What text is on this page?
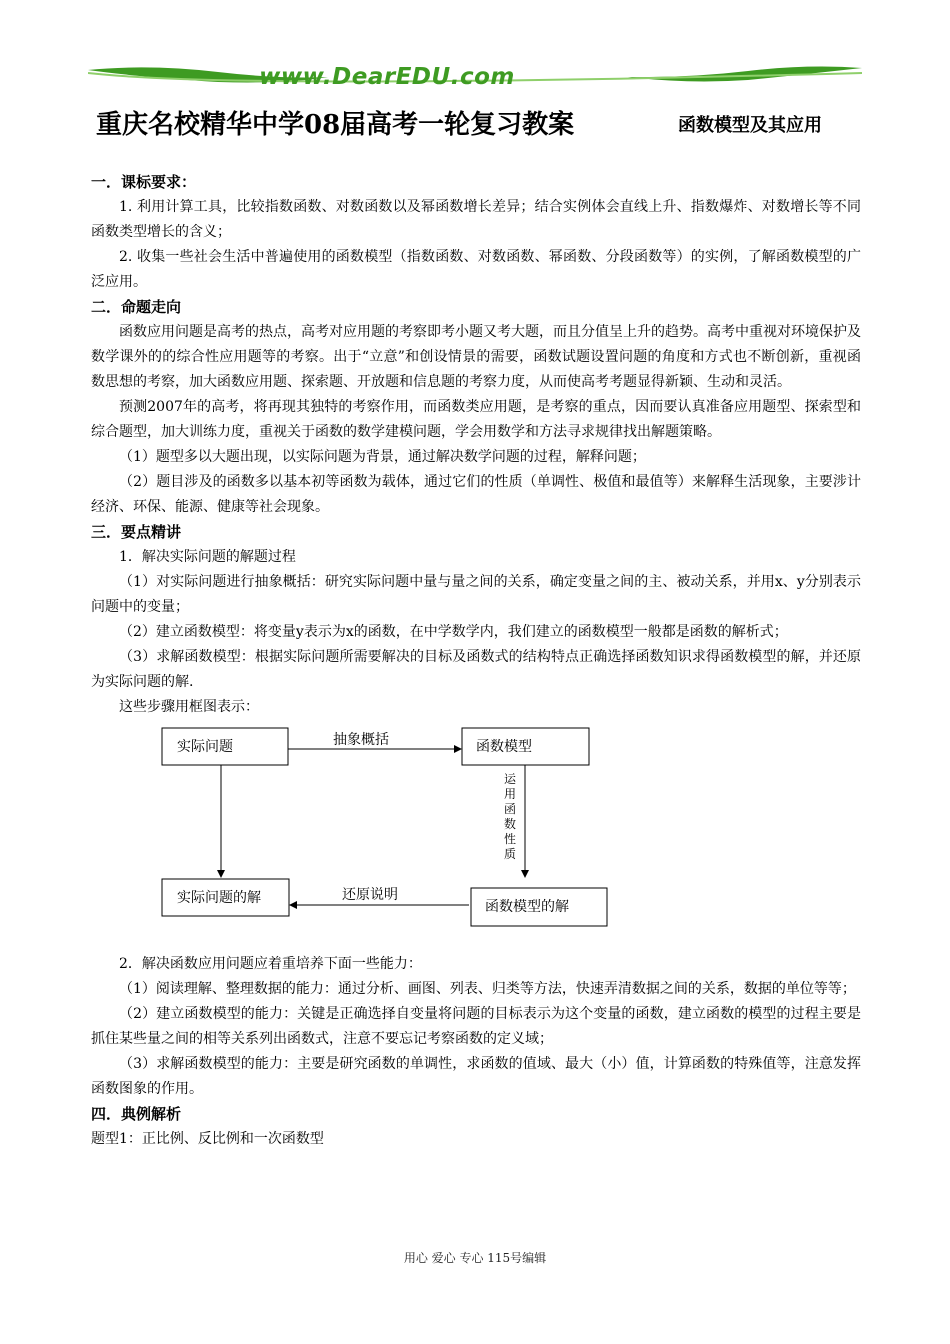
www.DearEDU.com
重庆名校精华中学08届高考一轮复习教案	函数模型及其应用

一．课标要求：

1. 利用计算工具，比较指数函数、对数函数以及幂函数增长差异；结合实例体会直线上升、指数爆炸、对数增长等不同函数类型增长的含义；

2. 收集一些社会生活中普遍使用的函数模型（指数函数、对数函数、幂函数、分段函数等）的实例，了解函数模型的广泛应用。

二．命题走向

函数应用问题是高考的热点，高考对应用题的考察即考小题又考大题，而且分值呈上升的趋势。高考中重视对环境保护及数学课外的的综合性应用题等的考察。出于“立意”和创设情景的需要，函数试题设置问题的角度和方式也不断创新，重视函数思想的考察，加大函数应用题、探索题、开放题和信息题的考察力度，从而使高考考题显得新颖、生动和灵活。

预测2007年的高考，将再现其独特的考察作用，而函数类应用题，是考察的重点，因而要认真准备应用题型、探索型和综合题型，加大训练力度，重视关于函数的数学建模问题，学会用数学和方法寻求规律找出解题策略。

（1）题型多以大题出现，以实际问题为背景，通过解决数学问题的过程，解释问题；

（2）题目涉及的函数多以基本初等函数为载体，通过它们的性质（单调性、极值和最值等）来解释生活现象，主要涉计经济、环保、能源、健康等社会现象。

三．要点精讲

1．解决实际问题的解题过程

（1）对实际问题进行抽象概括：研究实际问题中量与量之间的关系，确定变量之间的主、被动关系，并用x、y分别表示问题中的变量；

（2）建立函数模型：将变量y表示为x的函数，在中学数学内，我们建立的函数模型一般都是函数的解析式；

（3）求解函数模型：根据实际问题所需要解决的目标及函数式的结构特点正确选择函数知识求得函数模型的解，并还原为实际问题的解.

这些步骤用框图表示：

实际问题	函数模型
实际问题的解
函数模型的解
抽象概括
还原说明
运
用
函
数
性
质

2．解决函数应用问题应着重培养下面一些能力：

（1）阅读理解、整理数据的能力：通过分析、画图、列表、归类等方法，快速弄清数据之间的关系，数据的单位等等；

（2）建立函数模型的能力：关键是正确选择自变量将问题的目标表示为这个变量的函数，建立函数的模型的过程主要是抓住某些量之间的相等关系列出函数式，注意不要忘记考察函数的定义域；

（3）求解函数模型的能力：主要是研究函数的单调性，求函数的值域、最大（小）值，计算函数的特殊值等，注意发挥函数图象的作用。

四．典例解析

题型1：正比例、反比例和一次函数型

用心 爱心 专心 115号编辑
